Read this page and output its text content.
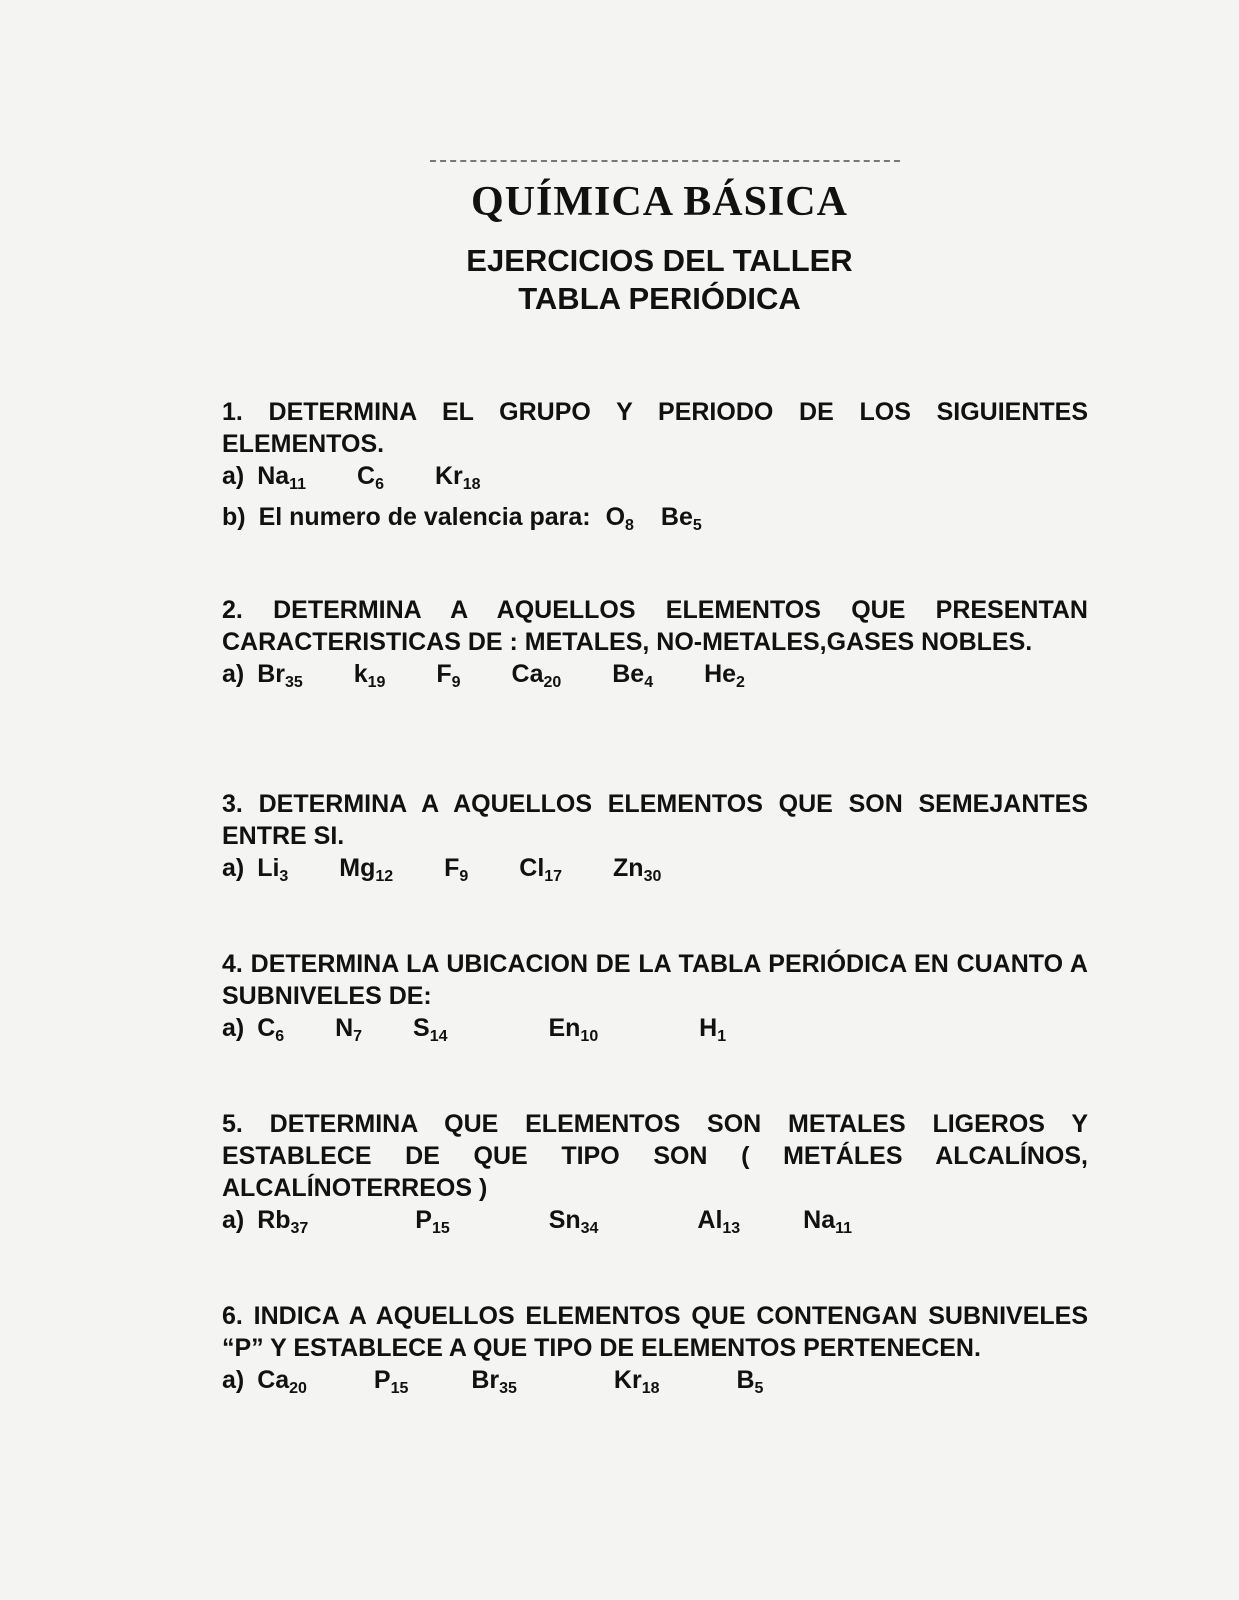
QUÍMICA BÁSICA
EJERCICIOS DEL TALLER
TABLA PERIÓDICA
1. DETERMINA EL GRUPO Y PERIODO DE LOS SIGUIENTES ELEMENTOS.
a) $Na_{11}$ $C_6$ $Kr_{18}$
b) El numero de valencia para: $O_8$ $Be_5$
2. DETERMINA A AQUELLOS ELEMENTOS QUE PRESENTAN CARACTERISTICAS DE : METALES, NO-METALES,GASES NOBLES.
a) $Br_{35}$ $k_{19}$ $F_9$ $Ca_{20}$ $Be_4$ $He_2$
3. DETERMINA A AQUELLOS ELEMENTOS QUE SON SEMEJANTES ENTRE SI.
a) $Li_3$ $Mg_{12}$ $F_9$ $Cl_{17}$ $Zn_{30}$
4. DETERMINA LA UBICACION DE LA TABLA PERIÓDICA EN CUANTO A SUBNIVELES DE:
a) $C_6$ $N_7$ $S_{14}$	$En_{10}$	$H_1$
5. DETERMINA QUE ELEMENTOS SON METALES LIGEROS Y ESTABLECE DE QUE TIPO SON ( METÁLES ALCALÍNOS, ALCALÍNOTERREOS )
a) $Rb_{37}$	$P_{15}$	$Sn_{34}$	$Al_{13}$	$Na_{11}$
6. INDICA A AQUELLOS ELEMENTOS QUE CONTENGAN SUBNIVELES “P” Y ESTABLECE A QUE TIPO DE ELEMENTOS PERTENECEN.
a) $Ca_{20}$	$P_{15}$	$Br_{35}$	$Kr_{18}$	$B_5$
